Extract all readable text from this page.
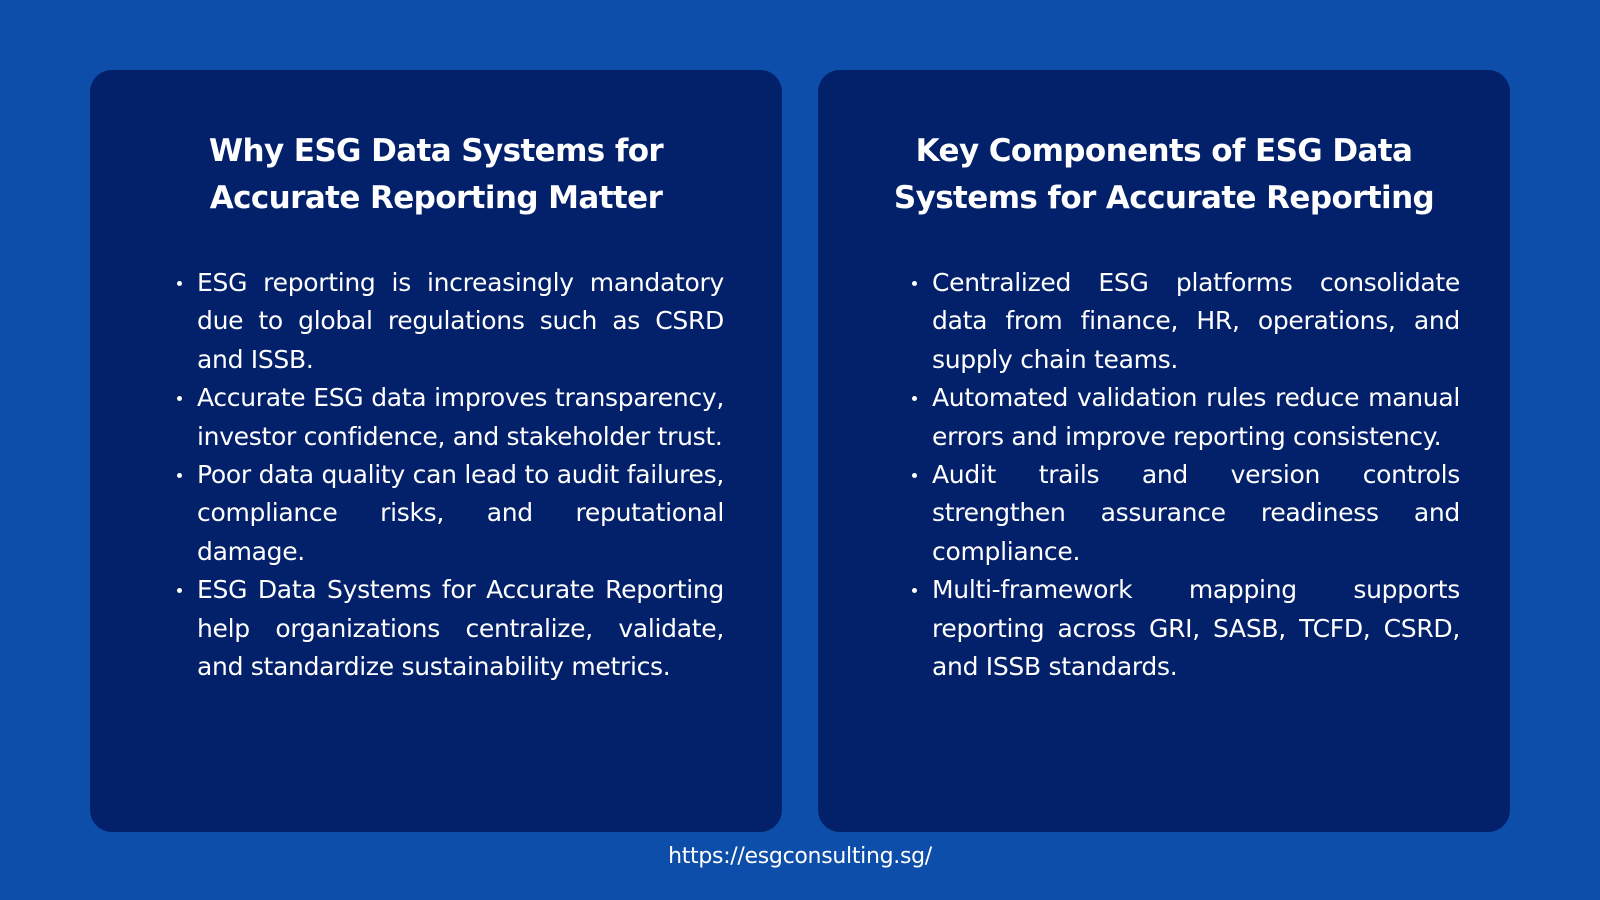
Why ESG Data Systems for
Accurate Reporting Matter
ESG reporting is increasingly mandatory due to global regulations such as CSRD and ISSB.
Accurate ESG data improves transparency, investor confidence, and stakeholder trust.
Poor data quality can lead to audit failures, compliance risks, and reputational damage.
ESG Data Systems for Accurate Reporting help organizations centralize, validate, and standardize sustainability metrics.
Key Components of ESG Data
Systems for Accurate Reporting
Centralized ESG platforms consolidate data from finance, HR, operations, and supply chain teams.
Automated validation rules reduce manual errors and improve reporting consistency.
Audit trails and version controls strengthen assurance readiness and compliance.
Multi-framework mapping supports reporting across GRI, SASB, TCFD, CSRD, and ISSB standards.
https://esgconsulting.sg/
